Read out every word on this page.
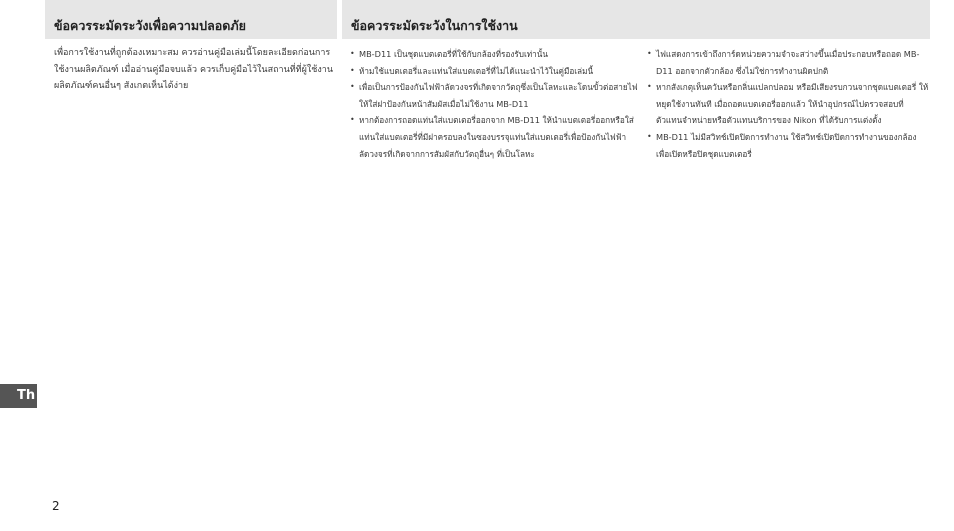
ข้อควรระมัดระวังเพื่อความปลอดภัย	ข้อควรระมัดระวังในการใช้งาน

เพื่อการใช้งานที่ถูกต้องเหมาะสม ควรอ่านคู่มือเล่มนี้โดยละเอียดก่อนการใช้งานผลิตภัณฑ์ เมื่ออ่านคู่มือจบแล้ว ควรเก็บคู่มือไว้ในสถานที่ที่ผู้ใช้งานผลิตภัณฑ์คนอื่นๆ สังเกตเห็นได้ง่าย

• MB-D11 เป็นชุดแบตเตอรี่ที่ใช้กับกล้องที่รองรับเท่านั้น
• ห้ามใช้แบตเตอรี่และแท่นใส่แบตเตอรี่ที่ไม่ได้แนะนำไว้ในคู่มือเล่มนี้
• เพื่อเป็นการป้องกันไฟฟ้าลัดวงจรที่เกิดจากวัตถุซึ่งเป็นโลหะและโดนขั้วต่อสายไฟ ให้ใส่ฝาป้องกันหน้าสัมผัสเมื่อไม่ใช้งาน MB-D11
• หากต้องการถอดแท่นใส่แบตเตอรี่ออกจาก MB-D11 ให้นำแบตเตอรี่ออกหรือใส่แท่นใส่แบตเตอรี่ที่มีฝาครอบลงในซองบรรจุแท่นใส่แบตเตอรี่เพื่อป้องกันไฟฟ้าลัดวงจรที่เกิดจากการสัมผัสกับวัตถุอื่นๆ ที่เป็นโลหะ
• ไฟแสดงการเข้าถึงการ์ดหน่วยความจำจะสว่างขึ้นเมื่อประกอบหรือถอด MB-D11 ออกจากตัวกล้อง ซึ่งไม่ใช่การทำงานผิดปกติ
• หากสังเกตุเห็นควันหรือกลิ่นแปลกปลอม หรือมีเสียงรบกวนจากชุดแบตเตอรี่ ให้หยุดใช้งานทันที เมื่อถอดแบตเตอรี่ออกแล้ว ให้นำอุปกรณ์ไปตรวจสอบที่ตัวแทนจำหน่ายหรือตัวแทนบริการของ Nikon ที่ได้รับการแต่งตั้ง
• MB-D11 ไม่มีสวิทช์เปิดปิดการทำงาน ใช้สวิทช์เปิดปิดการทำงานของกล้องเพื่อเปิดหรือปิดชุดแบตเตอรี่
Th
2
